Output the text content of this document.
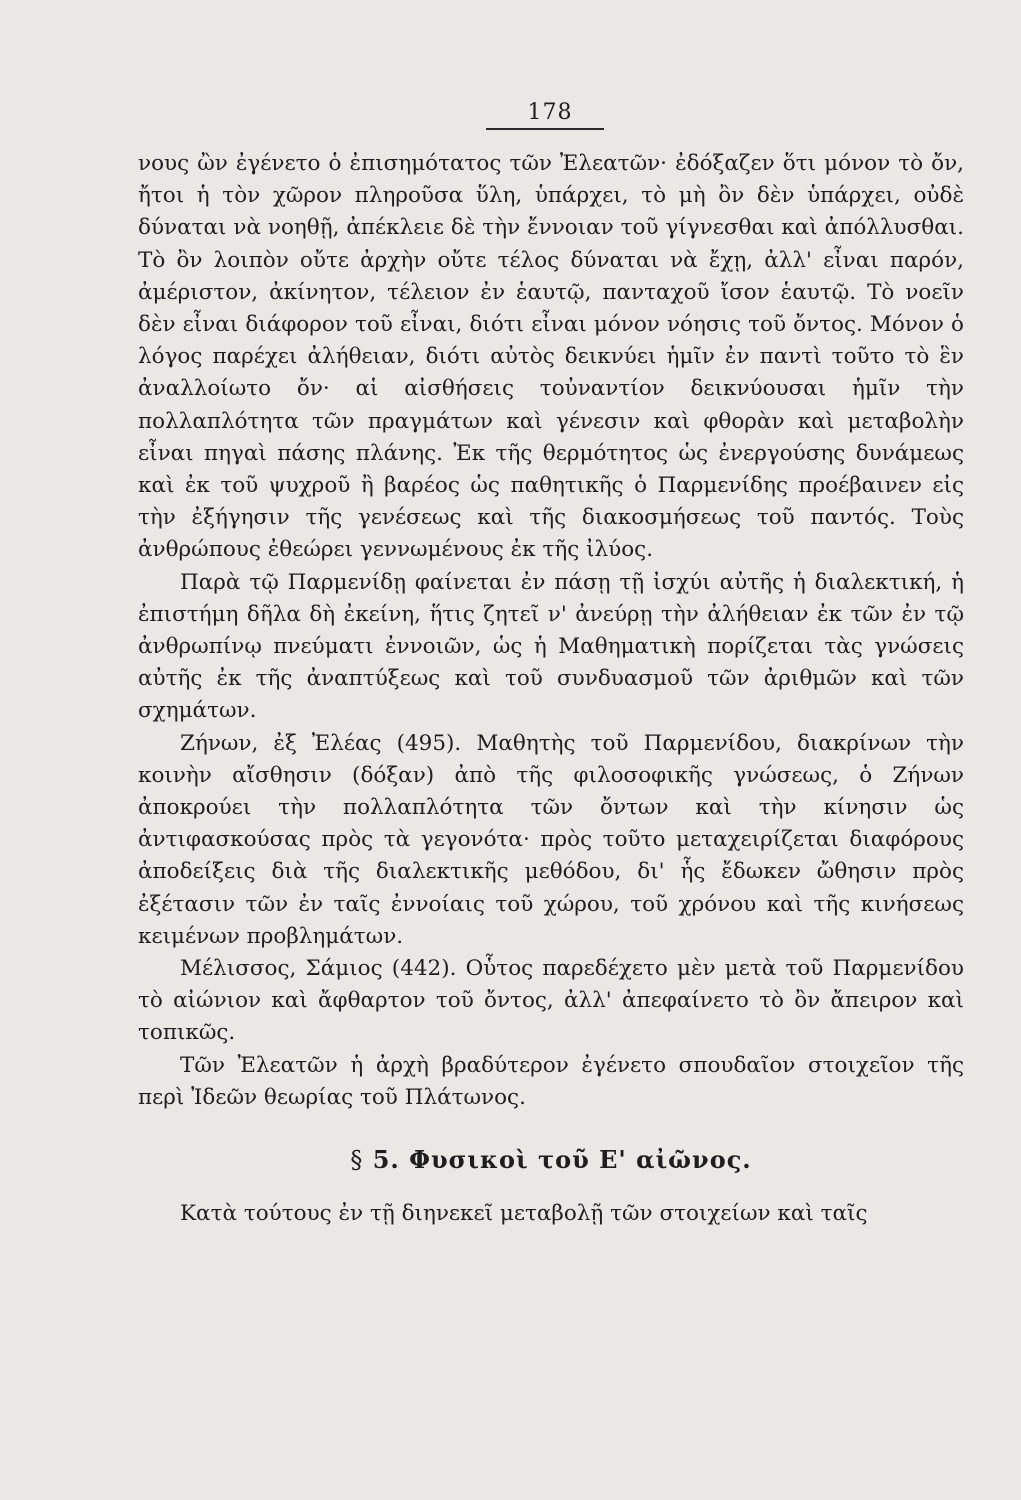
178

νους ὢν ἐγένετο ὁ ἐπισημότατος τῶν Ἐλεατῶν· ἐδόξαζεν ὅτι μόνον τὸ ὄν, ἤτοι ἡ τὸν χῶρον πληροῦσα ὕλη, ὑπάρχει, τὸ μὴ ὂν δὲν ὑπάρχει, οὐδὲ δύναται νὰ νοηθῇ, ἀπέκλειε δὲ τὴν ἔννοιαν τοῦ γίγνεσθαι καὶ ἀπόλλυσθαι. Τὸ ὂν λοιπὸν οὔτε ἀρχὴν οὔτε τέλος δύναται νὰ ἔχῃ, ἀλλ' εἶναι παρόν, ἀμέριστον, ἀκίνητον, τέλειον ἐν ἑαυτῷ, πανταχοῦ ἴσον ἑαυτῷ. Τὸ νοεῖν δὲν εἶναι διάφορον τοῦ εἶναι, διότι εἶναι μόνον νόησις τοῦ ὄντος. Μόνον ὁ λόγος παρέχει ἀλήθειαν, διότι αὐτὸς δεικνύει ἡμῖν ἐν παντὶ τοῦτο τὸ ἓν ἀναλλοίωτο ὄν· αἱ αἰσθήσεις τοὐναντίον δεικνύουσαι ἡμῖν τὴν πολλαπλότητα τῶν πραγμάτων καὶ γένεσιν καὶ φθορὰν καὶ μεταβολὴν εἶναι πηγαὶ πάσης πλάνης. Ἐκ τῆς θερμότητος ὡς ἐνεργούσης δυνάμεως καὶ ἐκ τοῦ ψυχροῦ ἢ βαρέος ὡς παθητικῆς ὁ Παρμενίδης προέβαινεν εἰς τὴν ἐξήγησιν τῆς γενέσεως καὶ τῆς διακοσμήσεως τοῦ παντός. Τοὺς ἀνθρώπους ἐθεώρει γεννωμένους ἐκ τῆς ἰλύος.

Παρὰ τῷ Παρμενίδῃ φαίνεται ἐν πάσῃ τῇ ἰσχύι αὐτῆς ἡ διαλεκτική, ἡ ἐπιστήμη δῆλα δὴ ἐκείνη, ἥτις ζητεῖ ν' ἀνεύρῃ τὴν ἀλήθειαν ἐκ τῶν ἐν τῷ ἀνθρωπίνῳ πνεύματι ἐννοιῶν, ὡς ἡ Μαθηματικὴ πορίζεται τὰς γνώσεις αὐτῆς ἐκ τῆς ἀναπτύξεως καὶ τοῦ συνδυασμοῦ τῶν ἀριθμῶν καὶ τῶν σχημάτων.

Ζήνων, ἐξ Ἐλέας (495). Μαθητὴς τοῦ Παρμενίδου, διακρίνων τὴν κοινὴν αἴσθησιν (δόξαν) ἀπὸ τῆς φιλοσοφικῆς γνώσεως, ὁ Ζήνων ἀποκρούει τὴν πολλαπλότητα τῶν ὄντων καὶ τὴν κίνησιν ὡς ἀντιφασκούσας πρὸς τὰ γεγονότα· πρὸς τοῦτο μεταχειρίζεται διαφόρους ἀποδείξεις διὰ τῆς διαλεκτικῆς μεθόδου, δι' ἧς ἔδωκεν ὤθησιν πρὸς ἐξέτασιν τῶν ἐν ταῖς ἐννοίαις τοῦ χώρου, τοῦ χρόνου καὶ τῆς κινήσεως κειμένων προβλημάτων.

Μέλισσος, Σάμιος (442). Οὗτος παρεδέχετο μὲν μετὰ τοῦ Παρμενίδου τὸ αἰώνιον καὶ ἄφθαρτον τοῦ ὄντος, ἀλλ' ἀπεφαίνετο τὸ ὂν ἄπειρον καὶ τοπικῶς.

Τῶν Ἐλεατῶν ἡ ἀρχὴ βραδύτερον ἐγένετο σπουδαῖον στοιχεῖον τῆς περὶ Ἰδεῶν θεωρίας τοῦ Πλάτωνος.

§ 5. Φυσικοὶ τοῦ Ε' αἰῶνος.

Κατὰ τούτους ἐν τῇ διηνεκεῖ μεταβολῇ τῶν στοιχείων καὶ ταῖς
